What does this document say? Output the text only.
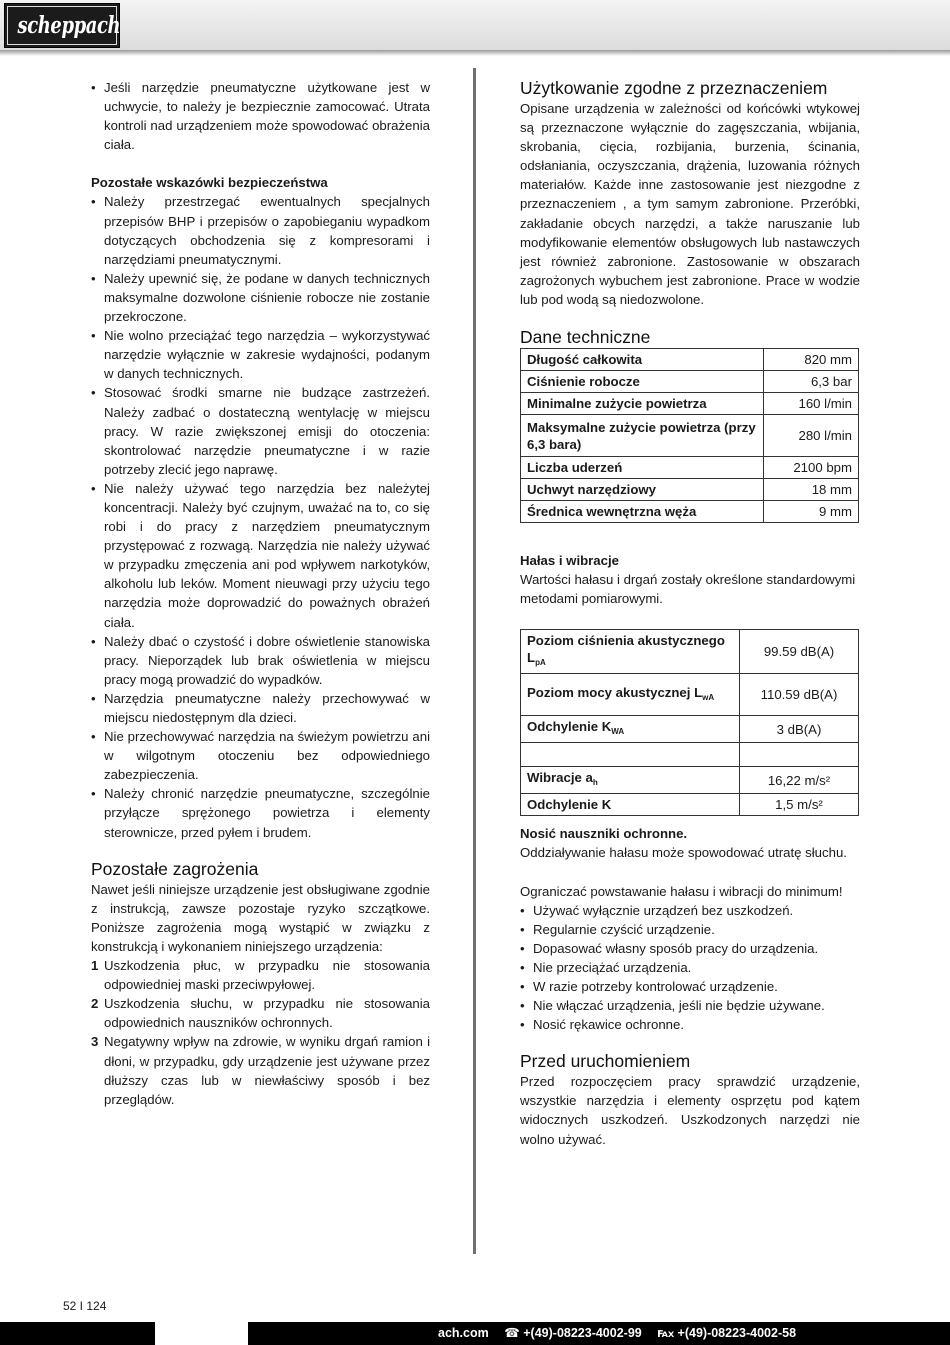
scheppach
• Jeśli narzędzie pneumatyczne użytkowane jest w uchwycie, to należy je bezpiecznie zamocować. Utrata kontroli nad urządzeniem może spowodować obrażenia ciała.

Pozostałe wskazówki bezpieczeństwa

• Należy przestrzegać ewentualnych specjalnych przepisów BHP i przepisów o zapobieganiu wypadkom dotyczących obchodzenia się z kompresorami i narzędziami pneumatycznymi.
• Należy upewnić się, że podane w danych technicznych maksymalne dozwolone ciśnienie robocze nie zostanie przekroczone.
• Nie wolno przeciążać tego narzędzia – wykorzystywać narzędzie wyłącznie w zakresie wydajności, podanym w danych technicznych.
• Stosować środki smarne nie budzące zastrzeżeń. Należy zadbać o dostateczną wentylację w miejscu pracy. W razie zwiększonej emisji do otoczenia: skontrolować narzędzie pneumatyczne i w razie potrzeby zlecić jego naprawę.
• Nie należy używać tego narzędzia bez należytej koncentracji. Należy być czujnym, uważać na to, co się robi i do pracy z narzędziem pneumatycznym przystępować z rozwagą. Narzędzia nie należy używać w przypadku zmęczenia ani pod wpływem narkotyków, alkoholu lub leków. Moment nieuwagi przy użyciu tego narzędzia może doprowadzić do poważnych obrażeń ciała.
• Należy dbać o czystość i dobre oświetlenie stanowiska pracy. Nieporządek lub brak oświetlenia w miejscu pracy mogą prowadzić do wypadków.
• Narzędzia pneumatyczne należy przechowywać w miejscu niedostępnym dla dzieci.
• Nie przechowywać narzędzia na świeżym powietrzu ani w wilgotnym otoczeniu bez odpowiedniego zabezpieczenia.
• Należy chronić narzędzie pneumatyczne, szczególnie przyłącze sprężonego powietrza i elementy sterownicze, przed pyłem i brudem.
Pozostałe zagrożenia

Nawet jeśli niniejsze urządzenie jest obsługiwane zgodnie z instrukcją, zawsze pozostaje ryzyko szczątkowe. Poniższe zagrożenia mogą wystąpić w związku z konstrukcją i wykonaniem niniejszego urządzenia:

1 Uszkodzenia płuc, w przypadku nie stosowania odpowiedniej maski przeciwpyłowej.
2 Uszkodzenia słuchu, w przypadku nie stosowania odpowiednich nauszników ochronnych.
3 Negatywny wpływ na zdrowie, w wyniku drgań ramion i dłoni, w przypadku, gdy urządzenie jest używane przez dłuższy czas lub w niewłaściwy sposób i bez przeglądów.
Użytkowanie zgodne z przeznaczeniem

Opisane urządzenia w zależności od końcówki wtykowej są przeznaczone wyłącznie do zagęszczania, wbijania, skrobania, cięcia, rozbijania, burzenia, ścinania, odsłaniania, oczyszczania, drążenia, luzowania różnych materiałów. Każde inne zastosowanie jest niezgodne z przeznaczeniem , a tym samym zabronione. Przeróbki, zakładanie obcych narzędzi, a także naruszanie lub modyfikowanie elementów obsługowych lub nastawczych jest również zabronione. Zastosowanie w obszarach zagrożonych wybuchem jest zabronione. Prace w wodzie lub pod wodą są niedozwolone.

Dane techniczne
Długość całkowita	820 mm
Ciśnienie robocze	6,3 bar
Minimalne zużycie powietrza	160 l/min
Maksymalne zużycie powietrza (przy 6,3 bara)	280 l/min
Liczba uderzeń	2100 bpm
Uchwyt narzędziowy	18 mm
Średnica wewnętrzna węża	9 mm

Hałas i wibracje

Wartości hałasu i drgań zostały określone standardowymi metodami pomiarowymi.

Poziom ciśnienia akustycznego $L_{pA}$	99.59 dB(A)
Poziom mocy akustycznej $L_{wA}$	110.59 dB(A)
Odchylenie $K_{WA}$	3 dB(A)

Wibracje $a_h$	16,22 m/s²
Odchylenie K	1,5 m/s²

Nosić nauszniki ochronne.

Oddziaływanie hałasu może spowodować utratę słuchu.

Ograniczać powstawanie hałasu i wibracji do minimum!

• Używać wyłącznie urządzeń bez uszkodzeń.
• Regularnie czyścić urządzenie.
• Dopasować własny sposób pracy do urządzenia.
• Nie przeciążać urządzenia.
• W razie potrzeby kontrolować urządzenie.
• Nie włączać urządzenia, jeśli nie będzie używane.
• Nosić rękawice ochronne.
Przed uruchomieniem

Przed rozpoczęciem pracy sprawdzić urządzenie, wszystkie narzędzia i elementy osprzętu pod kątem widocznych uszkodzeń. Uszkodzonych narzędzi nie wolno używać.

52 I 124
ach.com ☎ +(49)-08223-4002-99 ℻ +(49)-08223-4002-58
